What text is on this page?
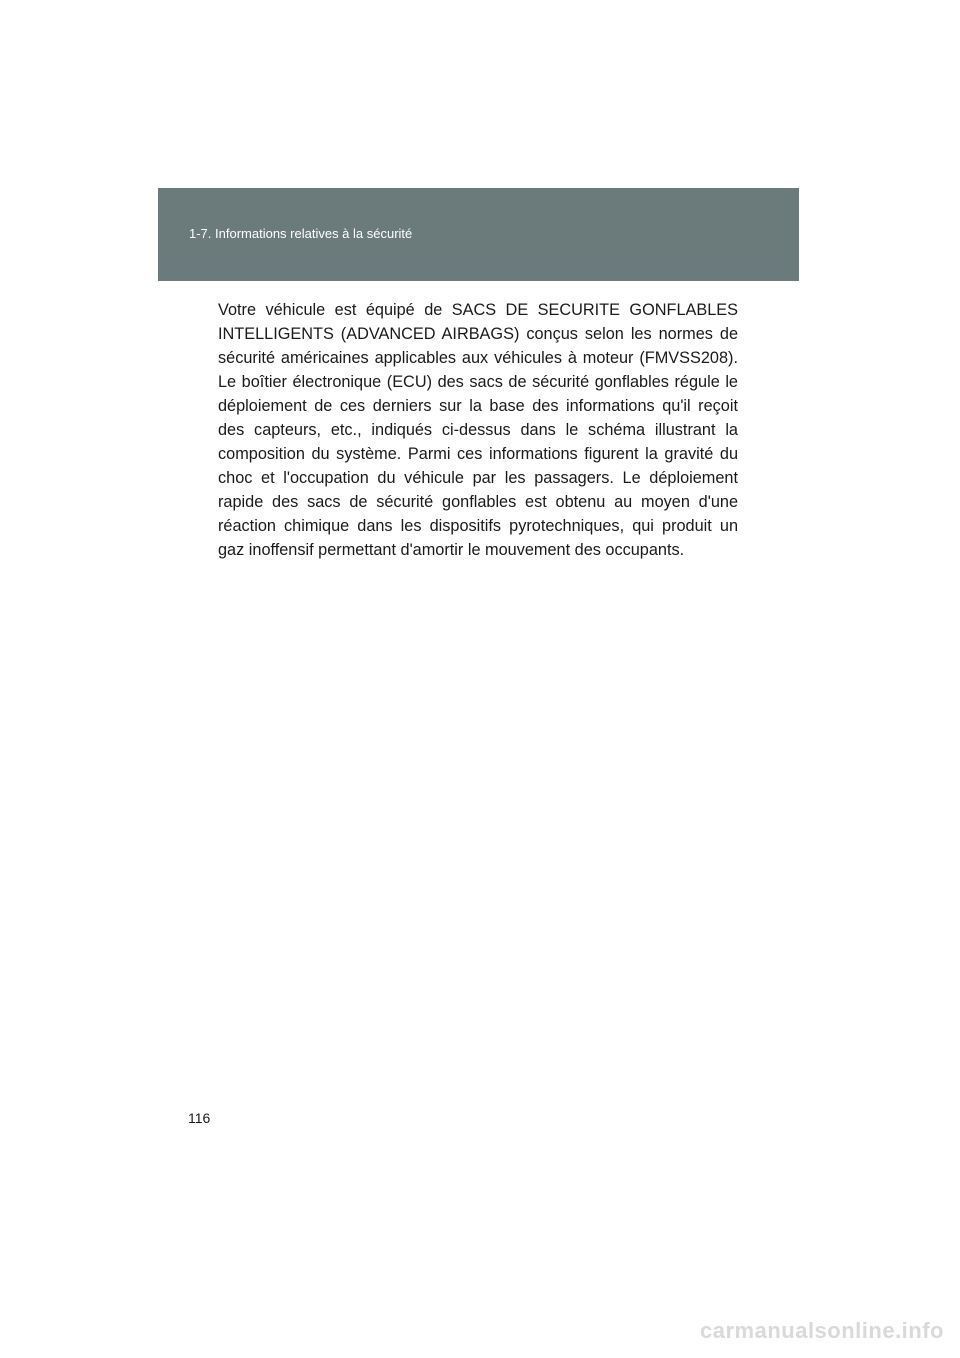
1-7. Informations relatives à la sécurité

Votre véhicule est équipé de SACS DE SECURITE GONFLABLES INTELLIGENTS (ADVANCED AIRBAGS) conçus selon les normes de sécurité américaines applicables aux véhicules à moteur (FMVSS208). Le boîtier électronique (ECU) des sacs de sécurité gonflables régule le déploiement de ces derniers sur la base des informations qu'il reçoit des capteurs, etc., indiqués ci-dessus dans le schéma illustrant la composition du système. Parmi ces informations figurent la gravité du choc et l'occupation du véhicule par les passagers. Le déploiement rapide des sacs de sécurité gonflables est obtenu au moyen d'une réaction chimique dans les dispositifs pyrotechniques, qui produit un gaz inoffensif permettant d'amortir le mouvement des occupants.

116
carmanualsonline.info
